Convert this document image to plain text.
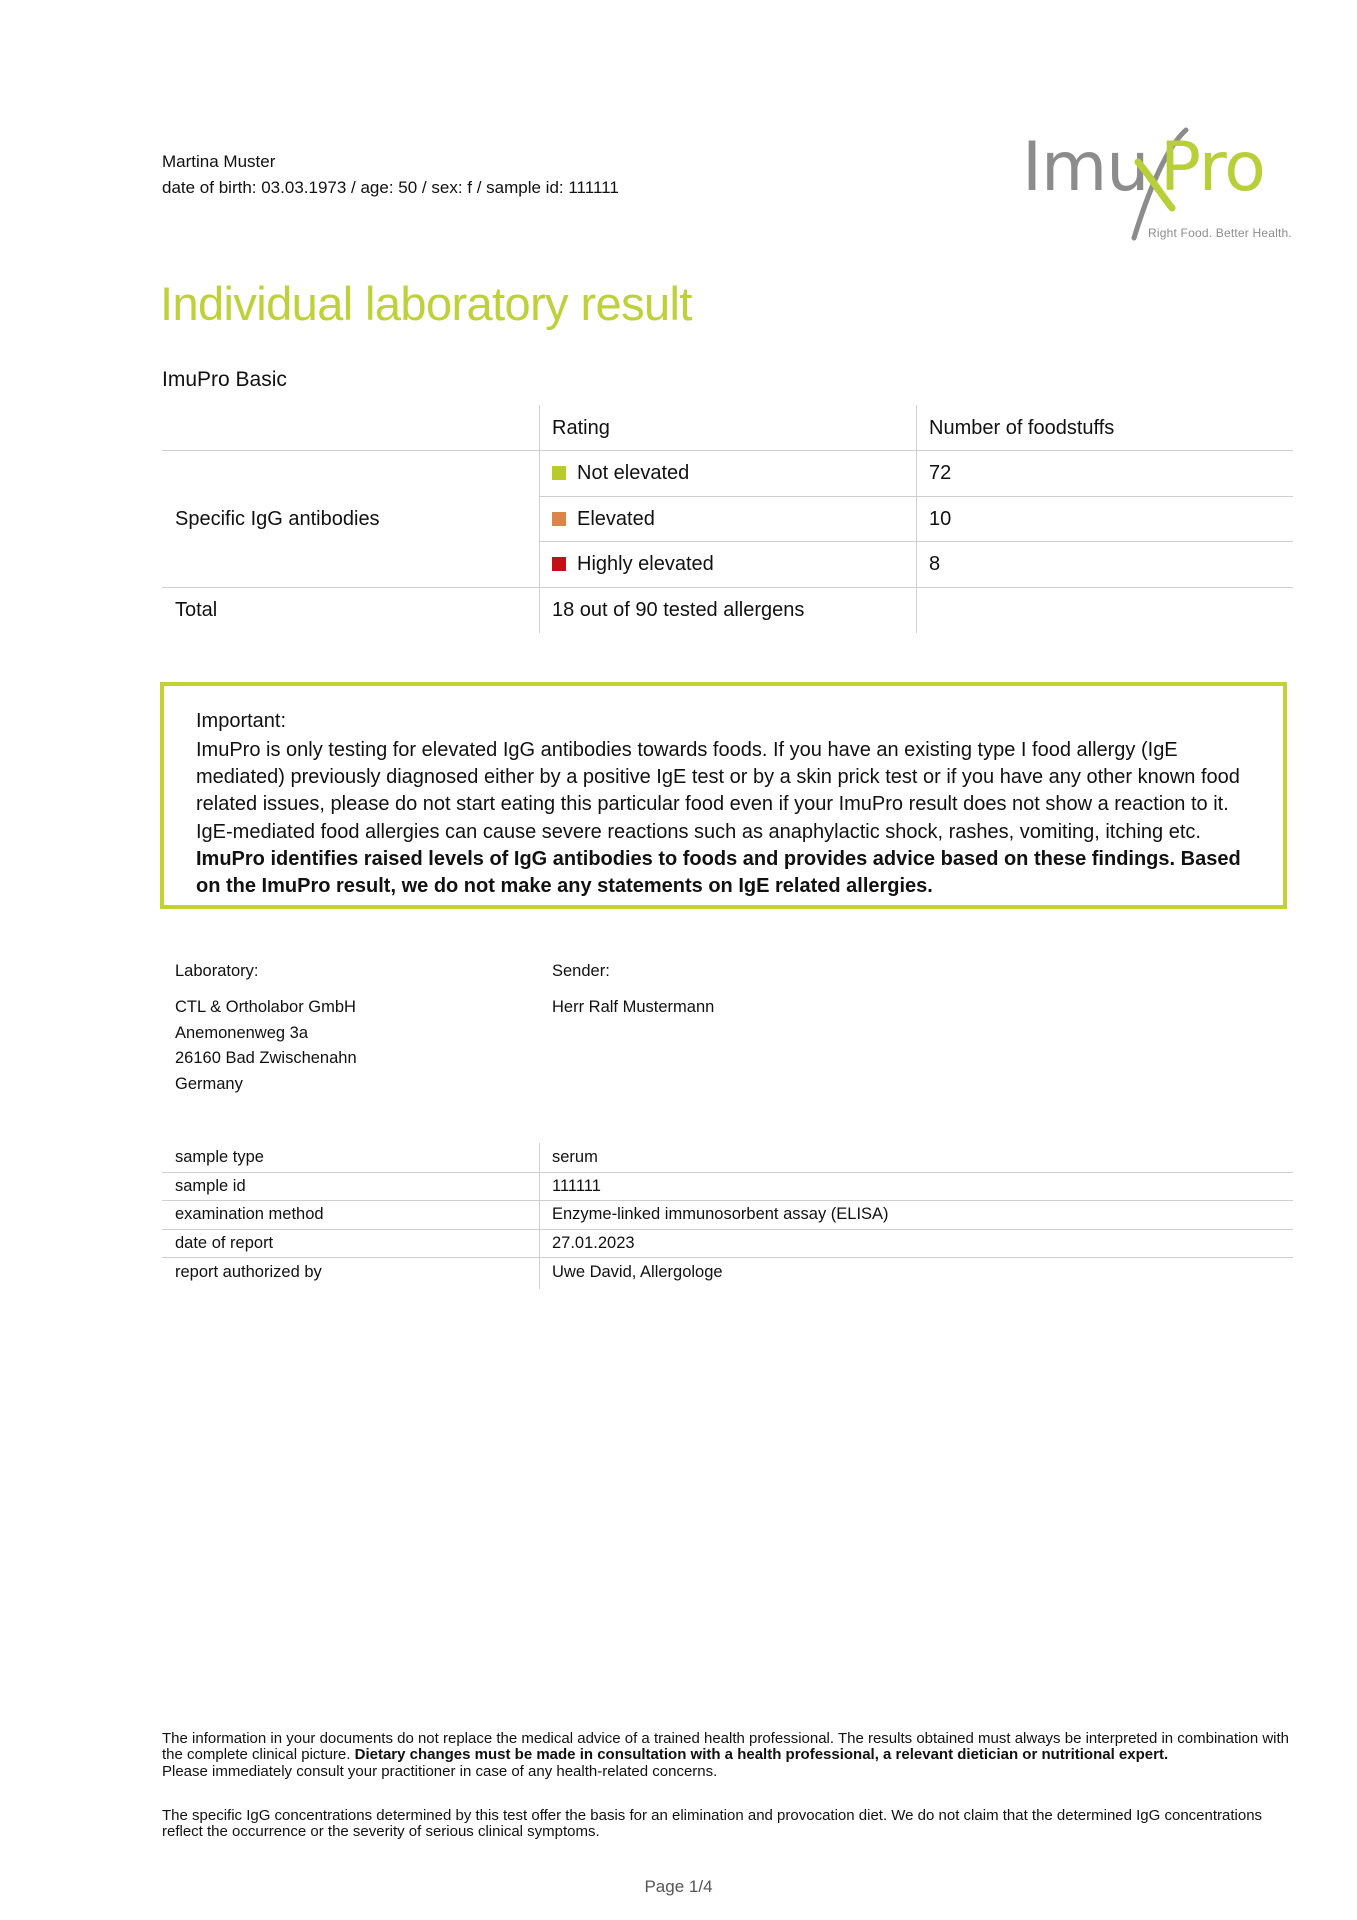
Martina Muster
date of birth: 03.03.1973 / age: 50 / sex: f / sample id: 111111	Imu Pro
Right Food. Better Health.
Individual laboratory result
ImuPro Basic
Rating	Number of foodstuffs
Specific IgG antibodies
Not elevated	72
Elevated	10
Highly elevated	8
Total	18 out of 90 tested allergens
Important:
ImuPro is only testing for elevated IgG antibodies towards foods. If you have an existing type I food allergy (IgE mediated) previously diagnosed either by a positive IgE test or by a skin prick test or if you have any other known food related issues, please do not start eating this particular food even if your ImuPro result does not show a reaction to it. IgE-mediated food allergies can cause severe reactions such as anaphylactic shock, rashes, vomiting, itching etc. ImuPro identifies raised levels of IgG antibodies to foods and provides advice based on these findings. Based on the ImuPro result, we do not make any statements on IgE related allergies.
Laboratory:
CTL & Ortholabor GmbH
Anemonenweg 3a
26160 Bad Zwischenahn
Germany
Sender:
Herr Ralf Mustermann
sample type	serum
sample id	111111
examination method	Enzyme-linked immunosorbent assay (ELISA)
date of report	27.01.2023
report authorized by	Uwe David, Allergologe
The information in your documents do not replace the medical advice of a trained health professional. The results obtained must always be interpreted in combination with the complete clinical picture. Dietary changes must be made in consultation with a health professional, a relevant dietician or nutritional expert.
Please immediately consult your practitioner in case of any health-related concerns.
The specific IgG concentrations determined by this test offer the basis for an elimination and provocation diet. We do not claim that the determined IgG concentrations reflect the occurrence or the severity of serious clinical symptoms.
Page 1/4
